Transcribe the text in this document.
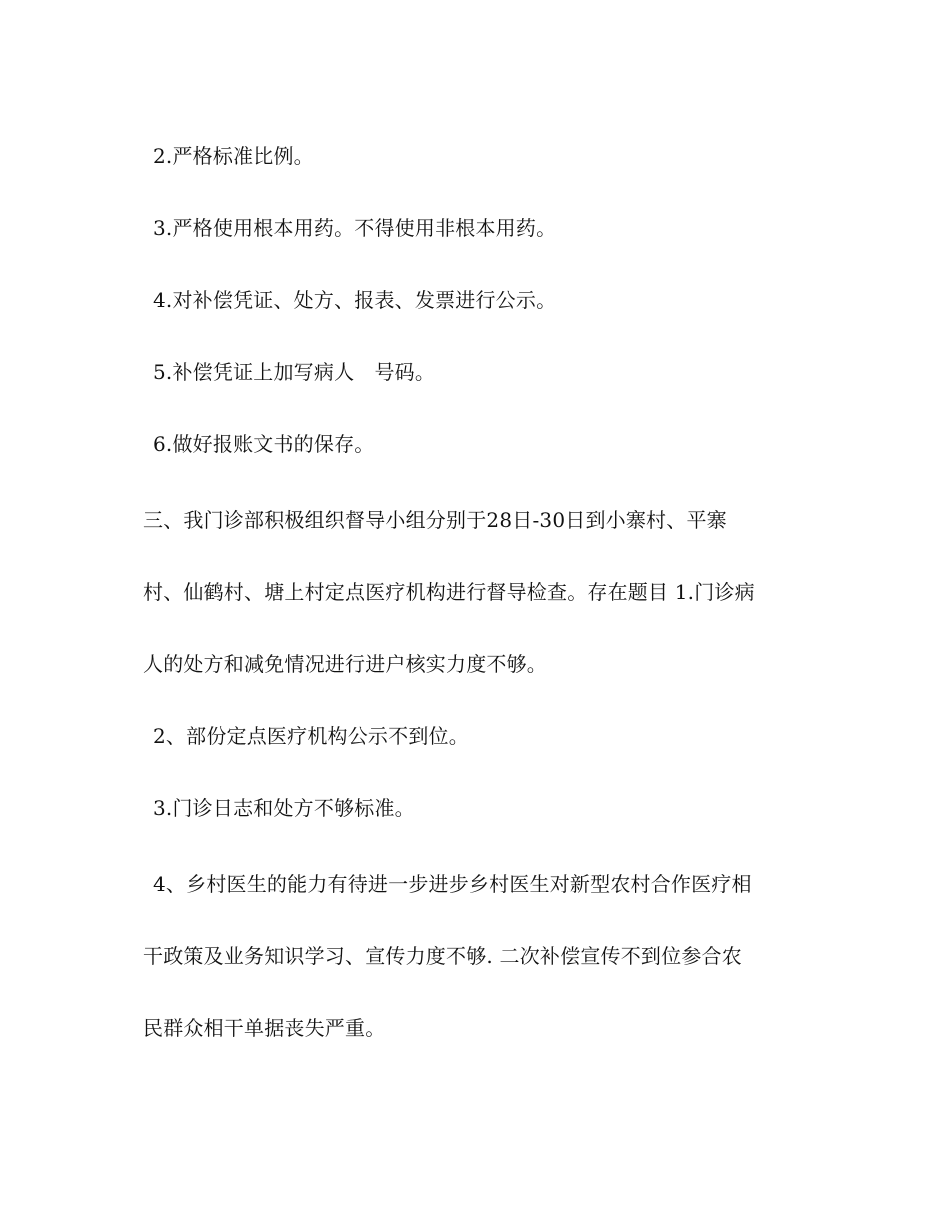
2.严格标准比例。
3.严格使用根本用药。不得使用非根本用药。
4.对补偿凭证、处方、报表、发票进行公示。
5.补偿凭证上加写病人　号码。
6.做好报账文书的保存。
三、我门诊部积极组织督导小组分别于28日-30日到小寨村、平寨
村、仙鹤村、塘上村定点医疗机构进行督导检查。存在题目 1.门诊病
人的处方和减免情况进行进户核实力度不够。
2、部份定点医疗机构公示不到位。
3.门诊日志和处方不够标准。
4、乡村医生的能力有待进一步进步乡村医生对新型农村合作医疗相
干政策及业务知识学习、宣传力度不够. 二次补偿宣传不到位参合农
民群众相干单据丧失严重。
